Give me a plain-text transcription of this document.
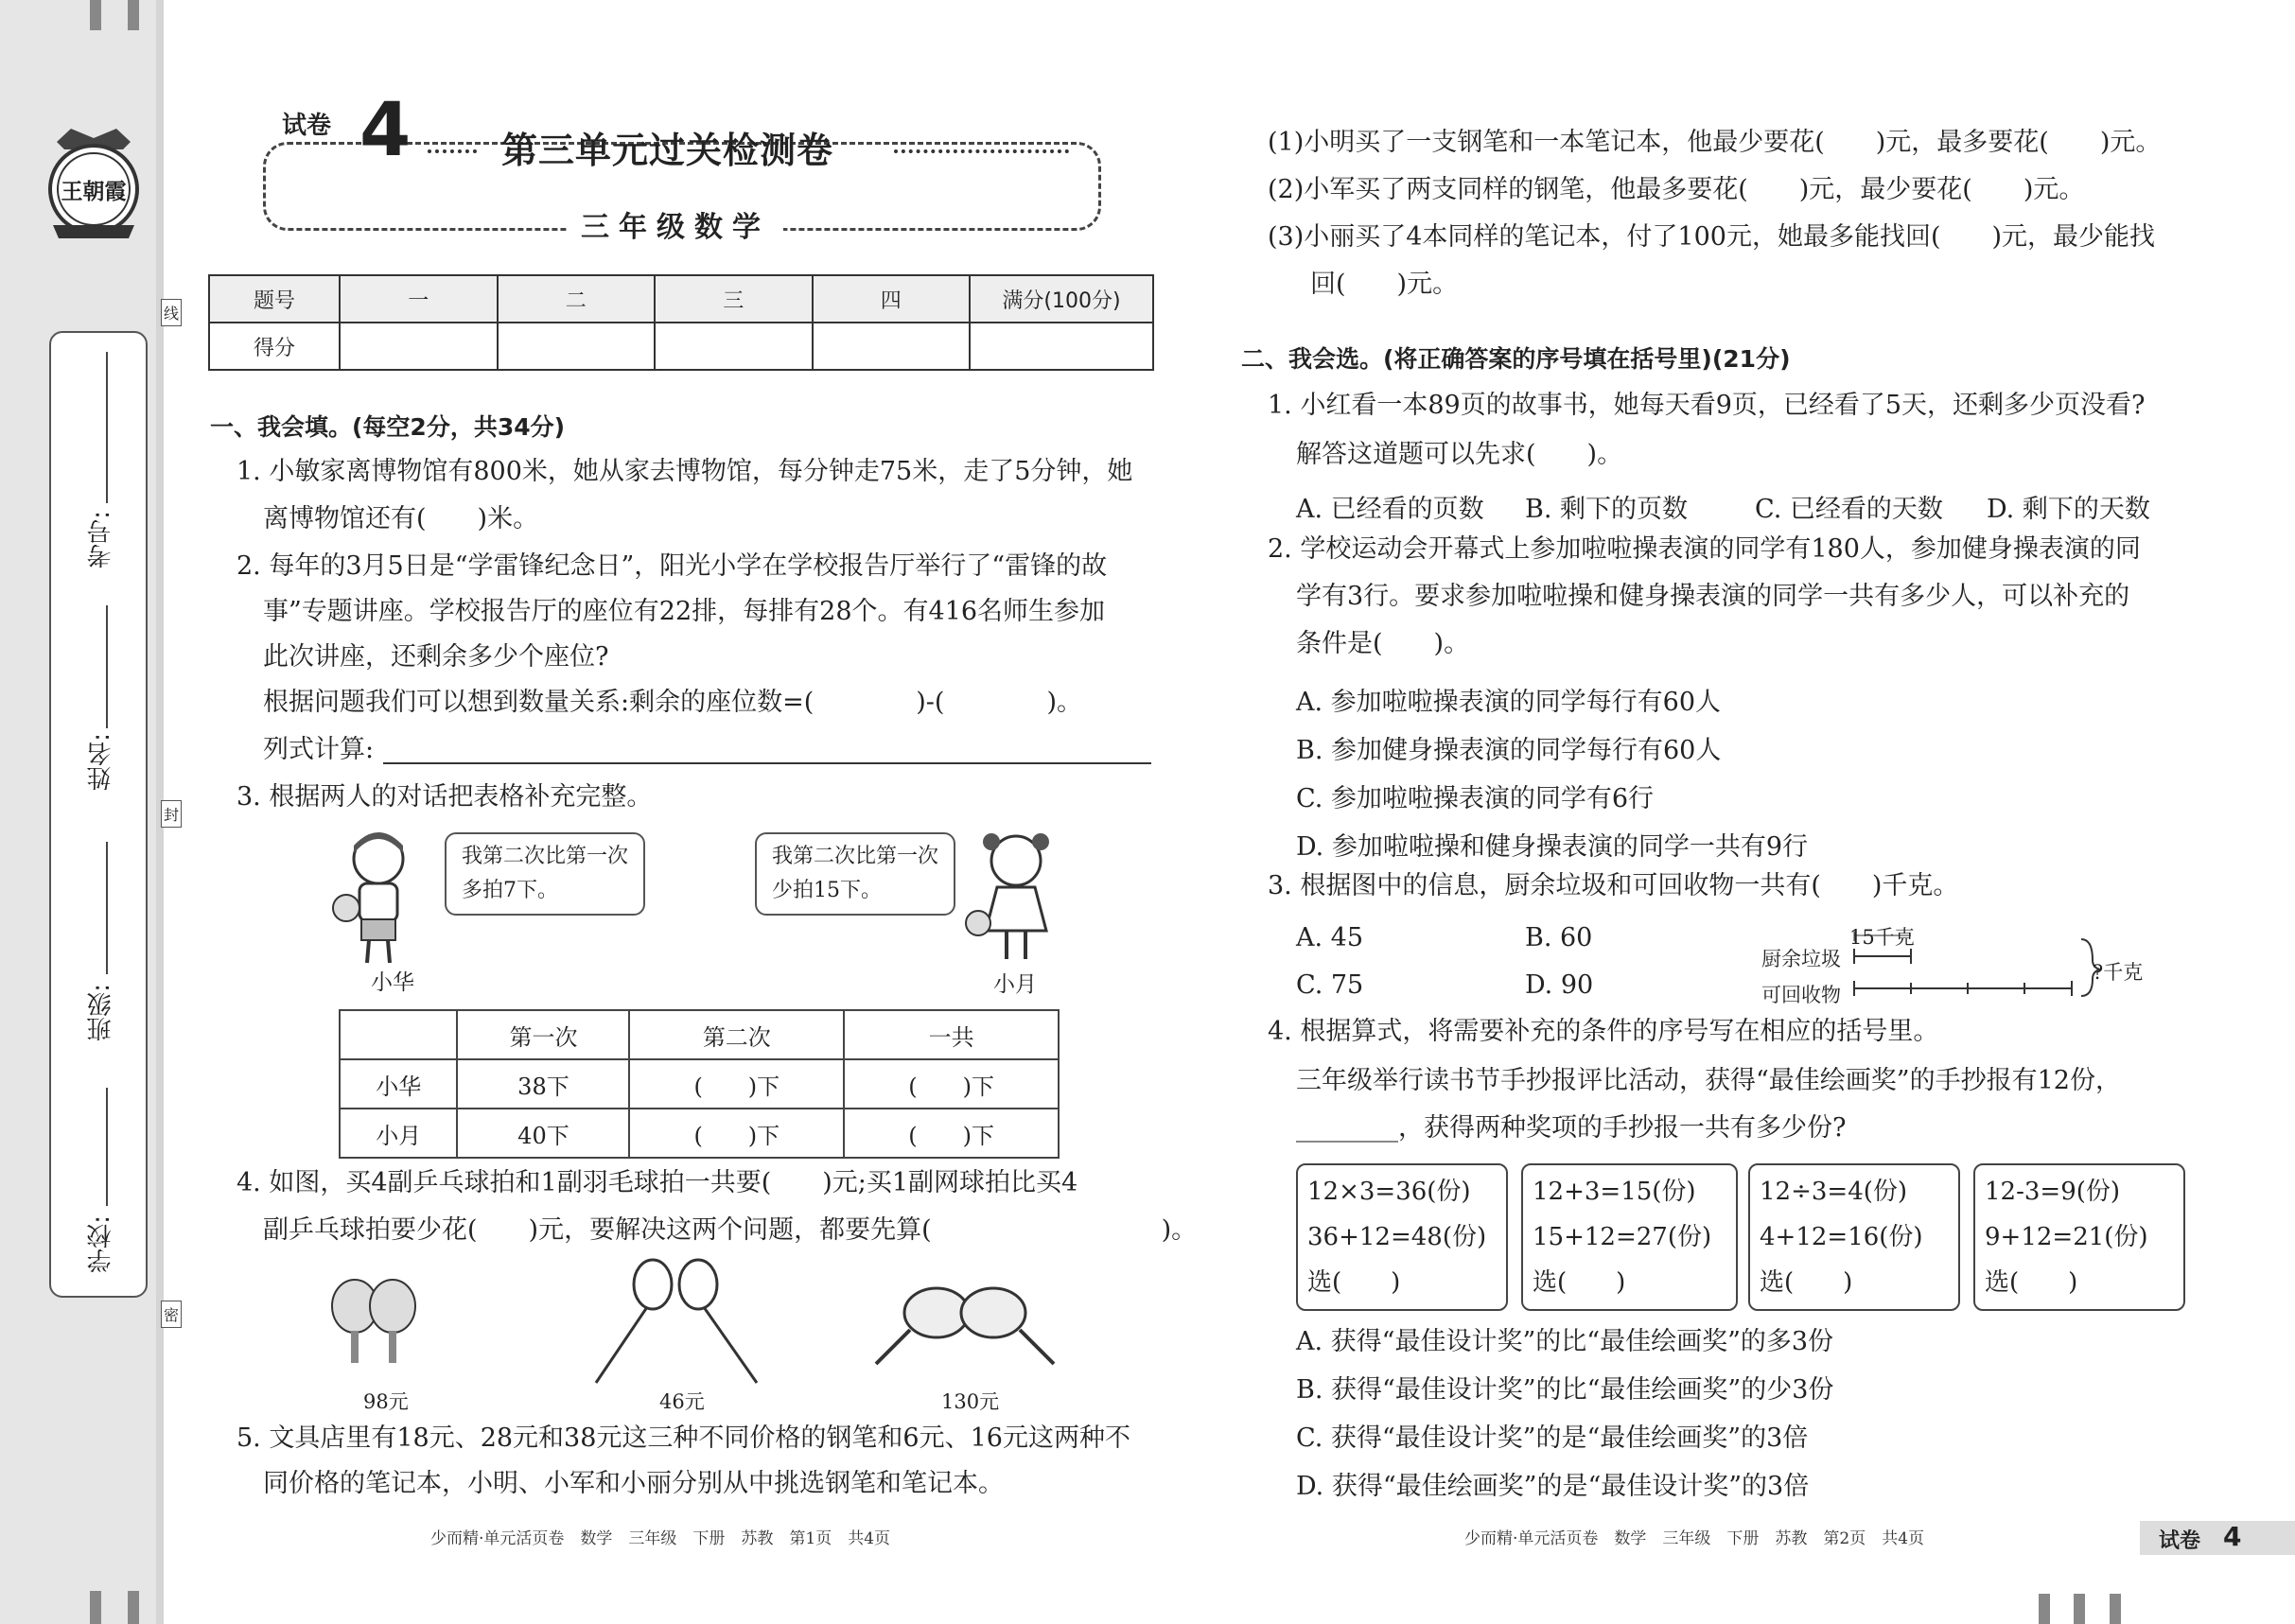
王朝霞
考号:
姓名:
班级:
学校:
线
封
密
试卷 4	第三单元过关检测卷
三年级数学
题号	一	二	三	四	满分(100分)
得分					
一、我会填。(每空2分，共34分)
1. 小敏家离博物馆有800米，她从家去博物馆，每分钟走75米，走了5分钟，她
离博物馆还有(　　)米。
2. 每年的3月5日是“学雷锋纪念日”，阳光小学在学校报告厅举行了“雷锋的故
事”专题讲座。学校报告厅的座位有22排，每排有28个。有416名师生参加
此次讲座，还剩余多少个座位?
根据问题我们可以想到数量关系:剩余的座位数=(　　　　)-(　　　　)。
列式计算:
3. 根据两人的对话把表格补充完整。
小华
我第二次比第一次
多拍7下。
我第二次比第一次
少拍15下。
小月
	第一次	第二次	一共
小华	38下	(　　)下	(　　)下
小月	40下	(　　)下	(　　)下
4. 如图，买4副乒乓球拍和1副羽毛球拍一共要(　　)元;买1副网球拍比买4
副乒乓球拍要少花(　　)元，要解决这两个问题，都要先算(　　　　　　　　　)。
98元	46元	130元
5. 文具店里有18元、28元和38元这三种不同价格的钢笔和6元、16元这两种不
同价格的笔记本，小明、小军和小丽分别从中挑选钢笔和笔记本。
少而精·单元活页卷　数学　三年级　下册　苏教　第1页　共4页
(1)小明买了一支钢笔和一本笔记本，他最少要花(　　)元，最多要花(　　)元。
(2)小军买了两支同样的钢笔，他最多要花(　　)元，最少要花(　　)元。
(3)小丽买了4本同样的笔记本，付了100元，她最多能找回(　　)元，最少能找
回(　　)元。
二、我会选。(将正确答案的序号填在括号里)(21分)
1. 小红看一本89页的故事书，她每天看9页，已经看了5天，还剩多少页没看?
解答这道题可以先求(　　)。
A. 已经看的页数 B. 剩下的页数	C. 已经看的天数 D. 剩下的天数
2. 学校运动会开幕式上参加啦啦操表演的同学有180人，参加健身操表演的同
学有3行。要求参加啦啦操和健身操表演的同学一共有多少人，可以补充的
条件是(　　)。
A. 参加啦啦操表演的同学每行有60人
B. 参加健身操表演的同学每行有60人
C. 参加啦啦操表演的同学有6行
D. 参加啦啦操和健身操表演的同学一共有9行
3. 根据图中的信息，厨余垃圾和可回收物一共有(　　)千克。
A. 45	B. 60
C. 75	D. 90
15千克
厨余垃圾
可回收物
?千克
4. 根据算式，将需要补充的条件的序号写在相应的括号里。
三年级举行读书节手抄报评比活动，获得“最佳绘画奖”的手抄报有12份，
________，获得两种奖项的手抄报一共有多少份?
12×3=36(份)
36+12=48(份)
选(　　)
12+3=15(份)
15+12=27(份)
选(　　)
12÷3=4(份)
4+12=16(份)
选(　　)
12-3=9(份)
9+12=21(份)
选(　　)
A. 获得“最佳设计奖”的比“最佳绘画奖”的多3份
B. 获得“最佳设计奖”的比“最佳绘画奖”的少3份
C. 获得“最佳设计奖”的是“最佳绘画奖”的3倍
D. 获得“最佳绘画奖”的是“最佳设计奖”的3倍
少而精·单元活页卷　数学　三年级　下册　苏教　第2页　共4页	试卷 4
